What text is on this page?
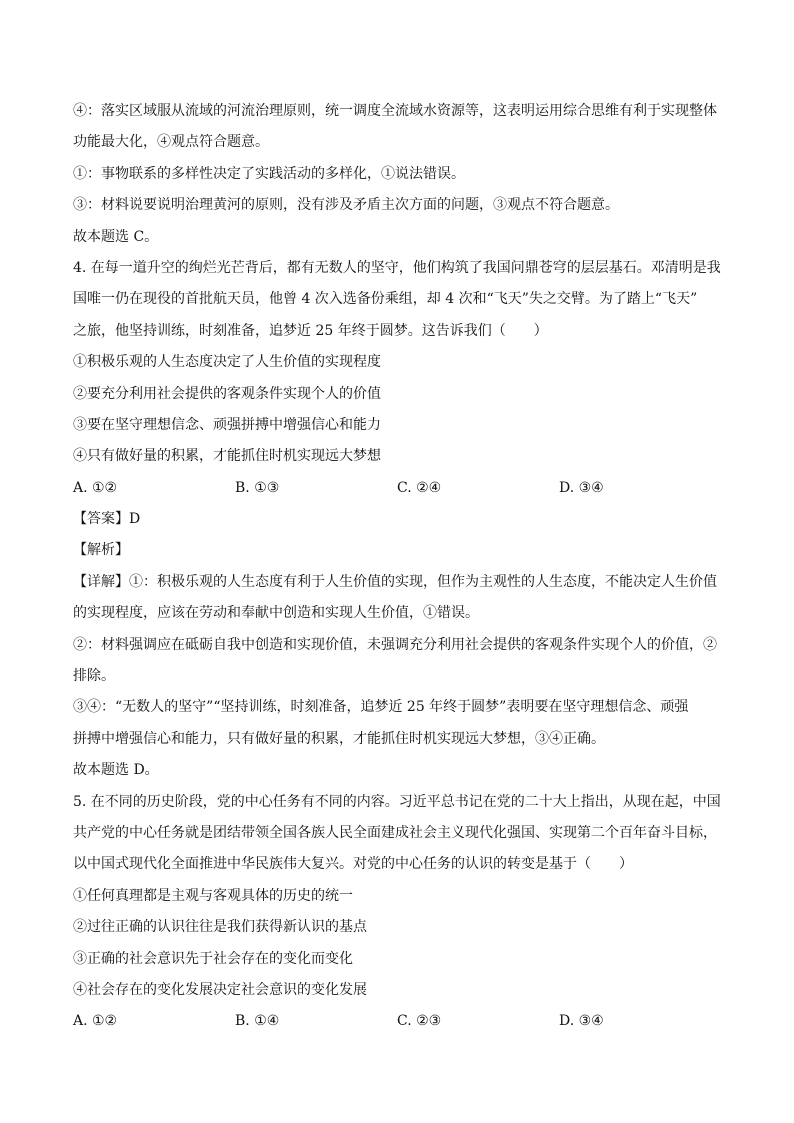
④：落实区域服从流域的河流治理原则，统一调度全流域水资源等，这表明运用综合思维有利于实现整体
功能最大化，④观点符合题意。
①：事物联系的多样性决定了实践活动的多样化，①说法错误。
③：材料说要说明治理黄河的原则，没有涉及矛盾主次方面的问题，③观点不符合题意。
故本题选 C。
4. 在每一道升空的绚烂光芒背后，都有无数人的坚守，他们构筑了我国问鼎苍穹的层层基石。邓清明是我
国唯一仍在现役的首批航天员，他曾 4 次入选备份乘组，却 4 次和“飞天”失之交臂。为了踏上“飞天”
之旅，他坚持训练，时刻准备，追梦近 25 年终于圆梦。这告诉我们（　　）
①积极乐观的人生态度决定了人生价值的实现程度
②要充分利用社会提供的客观条件实现个人的价值
③要在坚守理想信念、顽强拼搏中增强信心和能力
④只有做好量的积累，才能抓住时机实现远大梦想
A. ①②	B. ①③	C. ②④	D. ③④
【答案】D
【解析】
【详解】①：积极乐观的人生态度有利于人生价值的实现，但作为主观性的人生态度，不能决定人生价值
的实现程度，应该在劳动和奉献中创造和实现人生价值，①错误。
②：材料强调应在砥砺自我中创造和实现价值，未强调充分利用社会提供的客观条件实现个人的价值，②
排除。
③④：“无数人的坚守”“坚持训练，时刻准备，追梦近 25 年终于圆梦”表明要在坚守理想信念、顽强
拼搏中增强信心和能力，只有做好量的积累，才能抓住时机实现远大梦想，③④正确。
故本题选 D。
5. 在不同的历史阶段，党的中心任务有不同的内容。习近平总书记在党的二十大上指出，从现在起，中国
共产党的中心任务就是团结带领全国各族人民全面建成社会主义现代化强国、实现第二个百年奋斗目标，
以中国式现代化全面推进中华民族伟大复兴。对党的中心任务的认识的转变是基于（　　）
①任何真理都是主观与客观具体的历史的统一
②过往正确的认识往往是我们获得新认识的基点
③正确的社会意识先于社会存在的变化而变化
④社会存在的变化发展决定社会意识的变化发展
A. ①②	B. ①④	C. ②③	D. ③④
